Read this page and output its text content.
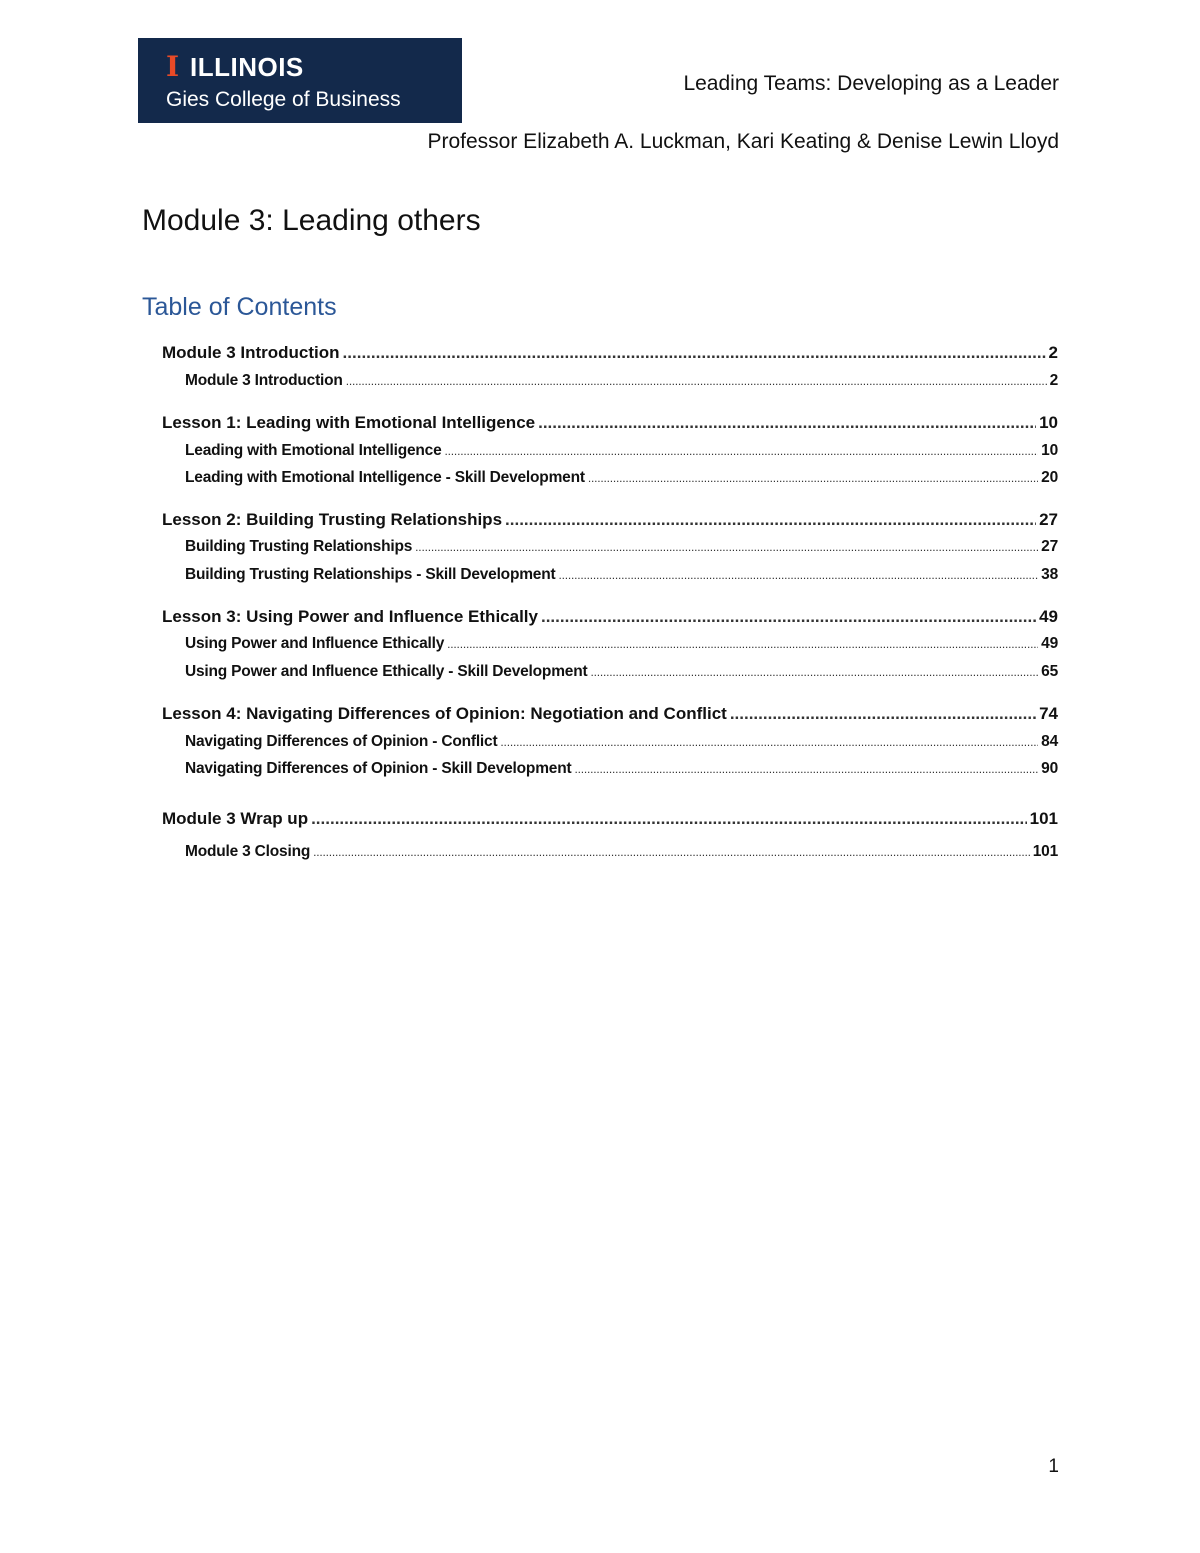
I ILLINOIS
Gies College of Business
Leading Teams: Developing as a Leader
Professor Elizabeth A. Luckman, Kari Keating & Denise Lewin Lloyd
Module 3: Leading others
Table of Contents
Module 3 Introduction .....	2
Module 3 Introduction .....	2
Lesson 1: Leading with Emotional Intelligence .....	10
Leading with Emotional Intelligence .....	10
Leading with Emotional Intelligence - Skill Development .....	20
Lesson 2: Building Trusting Relationships .....	27
Building Trusting Relationships .....	27
Building Trusting Relationships - Skill Development .....	38
Lesson 3: Using Power and Influence Ethically .....	49
Using Power and Influence Ethically .....	49
Using Power and Influence Ethically - Skill Development .....	65
Lesson 4: Navigating Differences of Opinion: Negotiation and Conflict .....	74
Navigating Differences of Opinion - Conflict .....	84
Navigating Differences of Opinion - Skill Development .....	90
Module 3 Wrap up .....	101
Module 3 Closing .....	101
1
